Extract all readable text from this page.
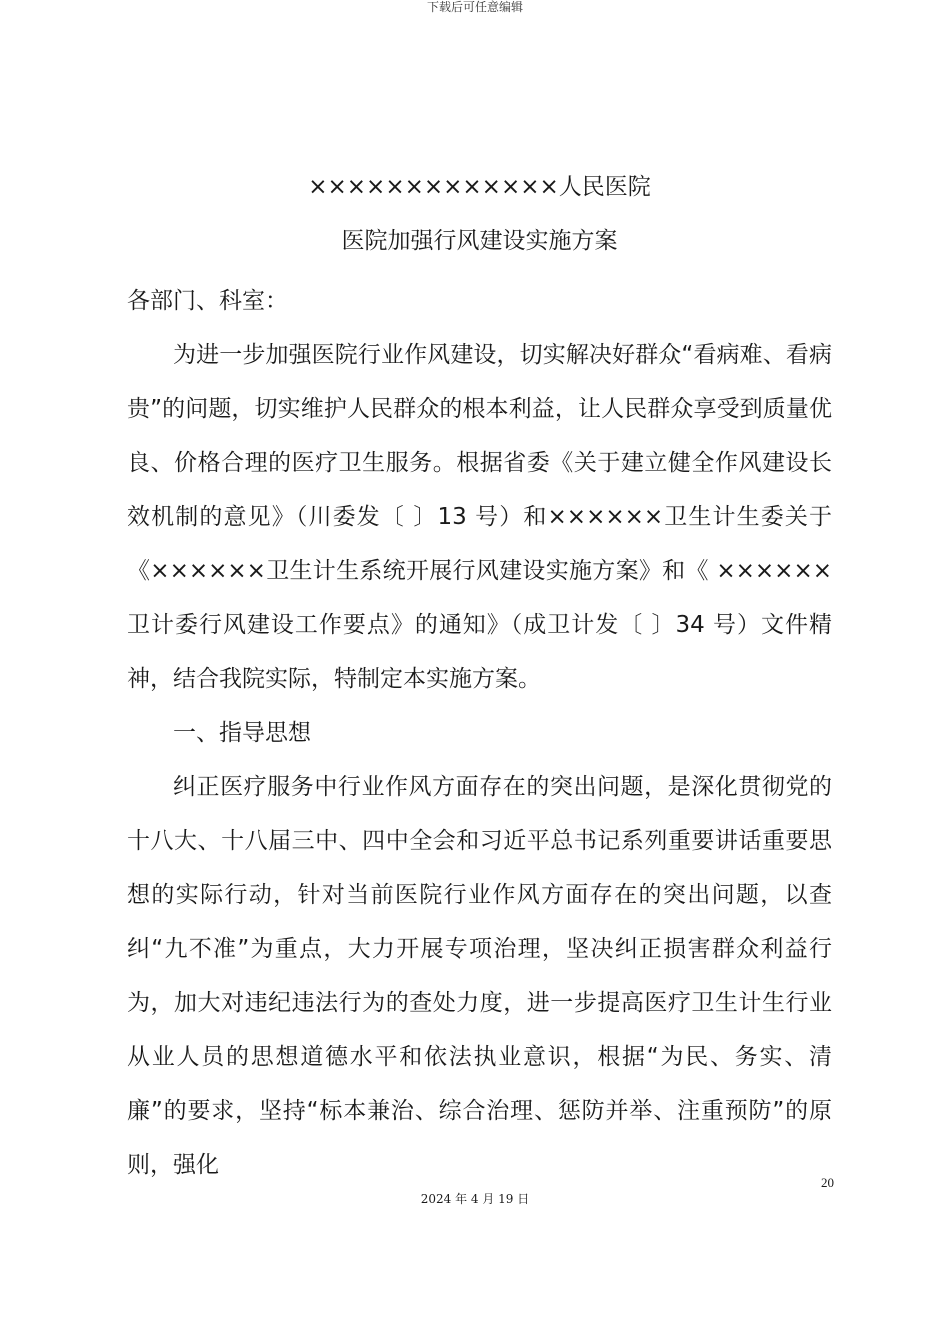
下载后可任意编辑
×××××××××××××人民医院
医院加强行风建设实施方案

各部门、科室：

为进一步加强医院行业作风建设，切实解决好群众“看病难、看病贵”的问题，切实维护人民群众的根本利益，让人民群众享受到质量优良、价格合理的医疗卫生服务。根据省委《关于建立健全作风建设长效机制的意见》（川委发〔 〕13 号）和××××××卫生计生委关于《××××××卫生计生系统开展行风建设实施方案》和《 ××××××卫计委行风建设工作要点》的通知》（成卫计发〔 〕34 号）文件精神，结合我院实际，特制定本实施方案。

一、指导思想

纠正医疗服务中行业作风方面存在的突出问题，是深化贯彻党的十八大、十八届三中、四中全会和习近平总书记系列重要讲话重要思想的实际行动，针对当前医院行业作风方面存在的突出问题，以查纠“九不准”为重点，大力开展专项治理，坚决纠正损害群众利益行为，加大对违纪违法行为的查处力度，进一步提高医疗卫生计生行业从业人员的思想道德水平和依法执业意识，根据“为民、务实、清廉”的要求，坚持“标本兼治、综合治理、惩防并举、注重预防”的原则，强化

20
2024 年 4 月 19 日
